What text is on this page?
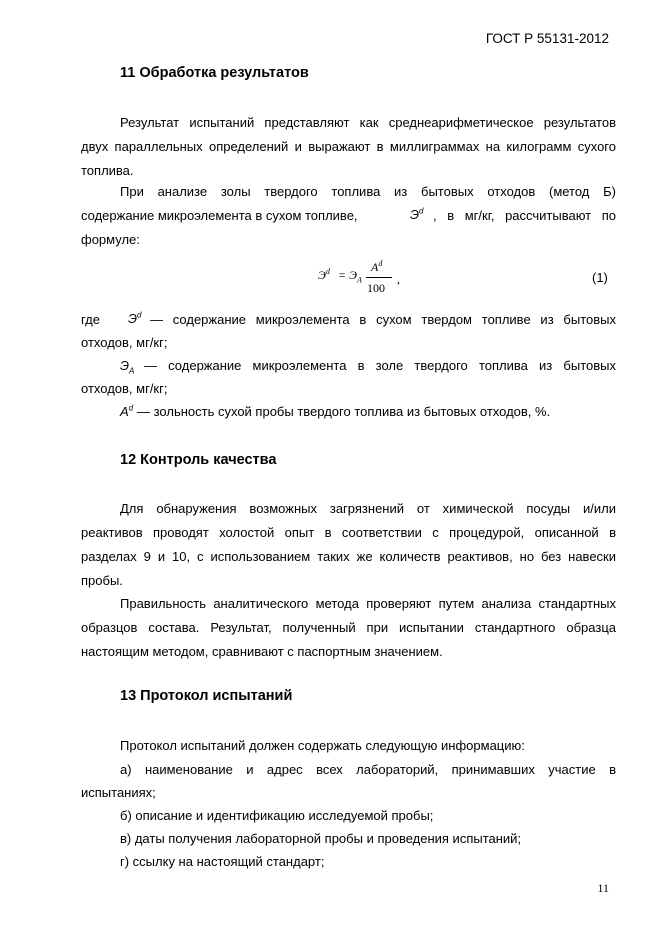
ГОСТ Р 55131-2012
11 Обработка результатов
Результат испытаний представляют как среднеарифметическое результатов
двух параллельных определений и выражают в миллиграммах на килограмм сухого
топлива.
При анализе золы твердого топлива из бытовых отходов (метод Б)
содержание микроэлемента в сухом топливе,	$Э^d$ , в мг/кг, рассчитывают по
формуле:
$Э^d = Э_A$
$A^d$
100
,	(1)
где $Э^d$ — содержание микроэлемента в сухом твердом топливе из бытовых
отходов, мг/кг;
$Э_A$ — содержание микроэлемента в золе твердого топлива из бытовых
отходов, мг/кг;
$A^d$ — зольность сухой пробы твердого топлива из бытовых отходов, %.
12 Контроль качества
Для обнаружения возможных загрязнений от химической посуды и/или
реактивов проводят холостой опыт в соответствии с процедурой, описанной в
разделах 9 и 10, с использованием таких же количеств реактивов, но без навески
пробы.
Правильность аналитического метода проверяют путем анализа стандартных
образцов состава. Результат, полученный при испытании стандартного образца
настоящим методом, сравнивают с паспортным значением.
13 Протокол испытаний
Протокол испытаний должен содержать следующую информацию:
а) наименование и адрес всех лабораторий, принимавших участие в
испытаниях;
б) описание и идентификацию исследуемой пробы;
в) даты получения лабораторной пробы и проведения испытаний;
г) ссылку на настоящий стандарт;
11
